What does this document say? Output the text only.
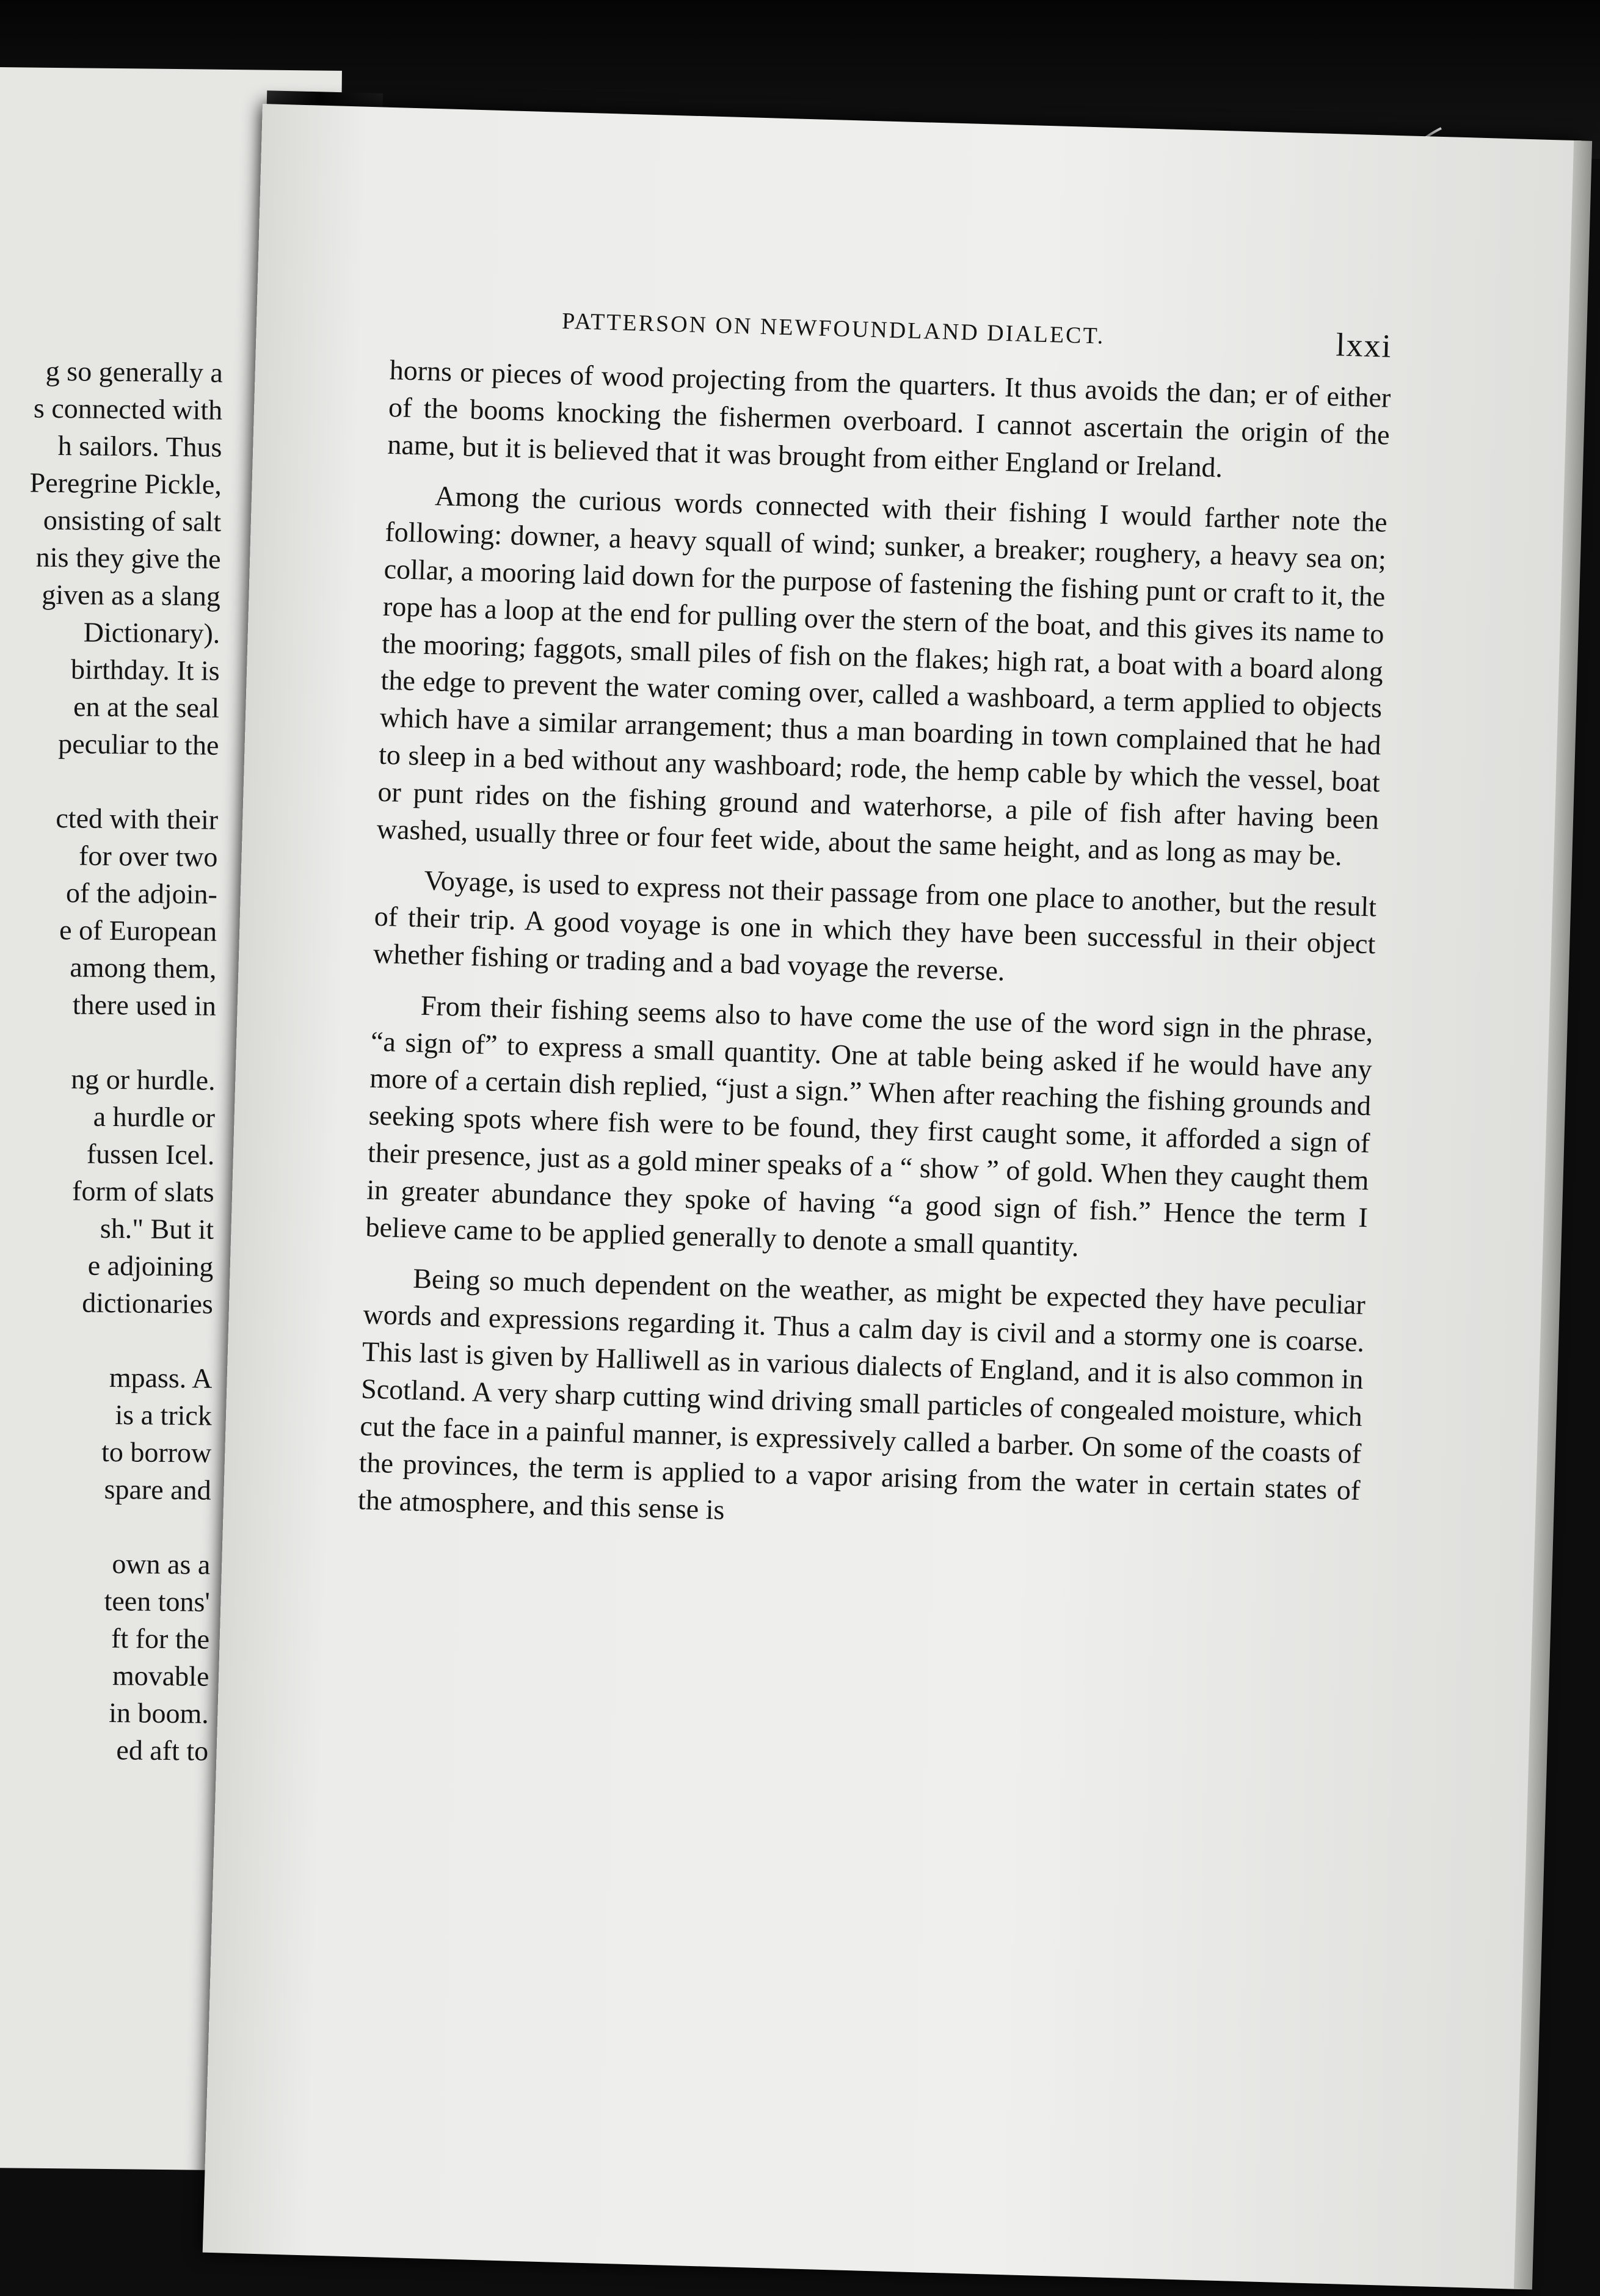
g so generally a
s connected with
h sailors. Thus
Peregrine Pickle,
onsisting of salt
nis they give the
given as a slang
Dictionary).
birthday. It is
en at the seal
peculiar to the
cted with their
for over two
of the adjoin-
e of European
among them,
there used in
ng or hurdle.
a hurdle or
fussen Icel.
form of slats
sh." But it
e adjoining
dictionaries
mpass. A
is a trick
to borrow
spare and
own as a
teen tons'
ft for the
movable
in boom.
ed aft to
PATTERSON ON NEWFOUNDLAND DIALECT.	lxxi

horns or pieces of wood projecting from the quarters. It thus avoids the dan; er of either of the booms knocking the fishermen overboard. I cannot ascertain the origin of the name, but it is believed that it was brought from either England or Ireland.

Among the curious words connected with their fishing I would farther note the following: downer, a heavy squall of wind; sunker, a breaker; roughery, a heavy sea on; collar, a mooring laid down for the purpose of fastening the fishing punt or craft to it, the rope has a loop at the end for pulling over the stern of the boat, and this gives its name to the mooring; faggots, small piles of fish on the flakes; high rat, a boat with a board along the edge to prevent the water coming over, called a washboard, a term applied to objects which have a similar arrangement; thus a man boarding in town complained that he had to sleep in a bed without any washboard; rode, the hemp cable by which the vessel, boat or punt rides on the fishing ground and waterhorse, a pile of fish after having been washed, usually three or four feet wide, about the same height, and as long as may be.

Voyage, is used to express not their passage from one place to another, but the result of their trip. A good voyage is one in which they have been successful in their object whether fishing or trading and a bad voyage the reverse.

From their fishing seems also to have come the use of the word sign in the phrase, “a sign of” to express a small quantity. One at table being asked if he would have any more of a certain dish replied, “just a sign.” When after reaching the fishing grounds and seeking spots where fish were to be found, they first caught some, it afforded a sign of their presence, just as a gold miner speaks of a “ show ” of gold. When they caught them in greater abundance they spoke of having “a good sign of fish.” Hence the term I believe came to be applied generally to denote a small quantity.

Being so much dependent on the weather, as might be expected they have peculiar words and expressions regarding it. Thus a calm day is civil and a stormy one is coarse. This last is given by Halliwell as in various dialects of England, and it is also common in Scotland. A very sharp cutting wind driving small particles of congealed moisture, which cut the face in a painful manner, is expressively called a barber. On some of the coasts of the provinces, the term is applied to a vapor arising from the water in certain states of the atmosphere, and this sense is
